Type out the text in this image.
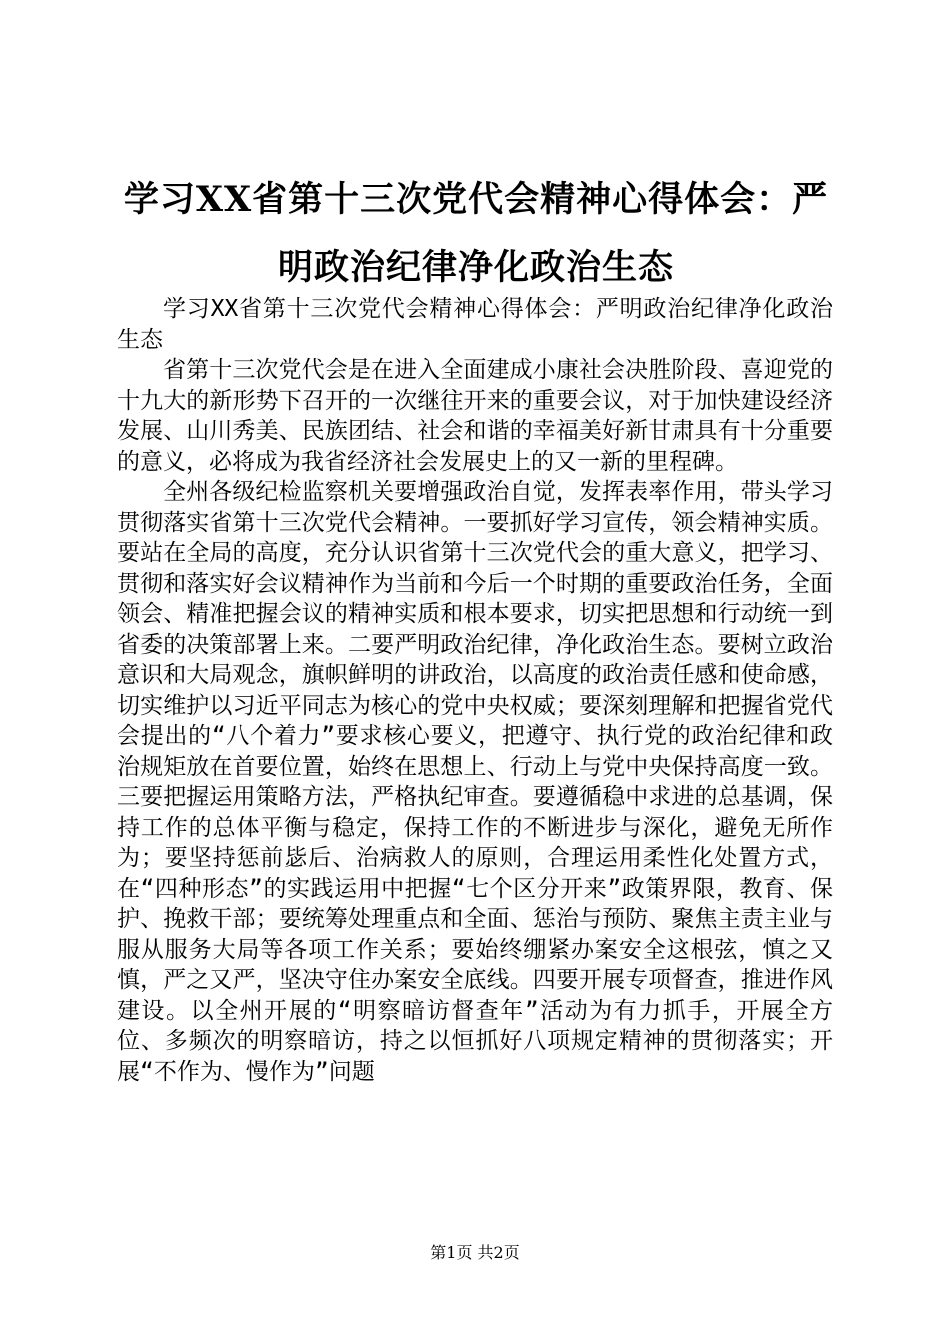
学习XX省第十三次党代会精神心得体会：严明政治纪律净化政治生态

学习XX省第十三次党代会精神心得体会：严明政治纪律净化政治生态

省第十三次党代会是在进入全面建成小康社会决胜阶段、喜迎党的十九大的新形势下召开的一次继往开来的重要会议，对于加快建设经济发展、山川秀美、民族团结、社会和谐的幸福美好新甘肃具有十分重要的意义，必将成为我省经济社会发展史上的又一新的里程碑。

全州各级纪检监察机关要增强政治自觉，发挥表率作用，带头学习贯彻落实省第十三次党代会精神。一要抓好学习宣传，领会精神实质。要站在全局的高度，充分认识省第十三次党代会的重大意义，把学习、贯彻和落实好会议精神作为当前和今后一个时期的重要政治任务，全面领会、精准把握会议的精神实质和根本要求，切实把思想和行动统一到省委的决策部署上来。二要严明政治纪律，净化政治生态。要树立政治意识和大局观念，旗帜鲜明的讲政治，以高度的政治责任感和使命感，切实维护以习近平同志为核心的党中央权威；要深刻理解和把握省党代会提出的“八个着力”要求核心要义，把遵守、执行党的政治纪律和政治规矩放在首要位置，始终在思想上、行动上与党中央保持高度一致。三要把握运用策略方法，严格执纪审查。要遵循稳中求进的总基调，保持工作的总体平衡与稳定，保持工作的不断进步与深化，避免无所作为；要坚持惩前毖后、治病救人的原则，合理运用柔性化处置方式，在“四种形态”的实践运用中把握“七个区分开来”政策界限，教育、保护、挽救干部；要统筹处理重点和全面、惩治与预防、聚焦主责主业与服从服务大局等各项工作关系；要始终绷紧办案安全这根弦，慎之又慎，严之又严，坚决守住办案安全底线。四要开展专项督查，推进作风建设。以全州开展的“明察暗访督查年”活动为有力抓手，开展全方位、多频次的明察暗访，持之以恒抓好八项规定精神的贯彻落实；开展“不作为、慢作为”问题

第1页 共2页
